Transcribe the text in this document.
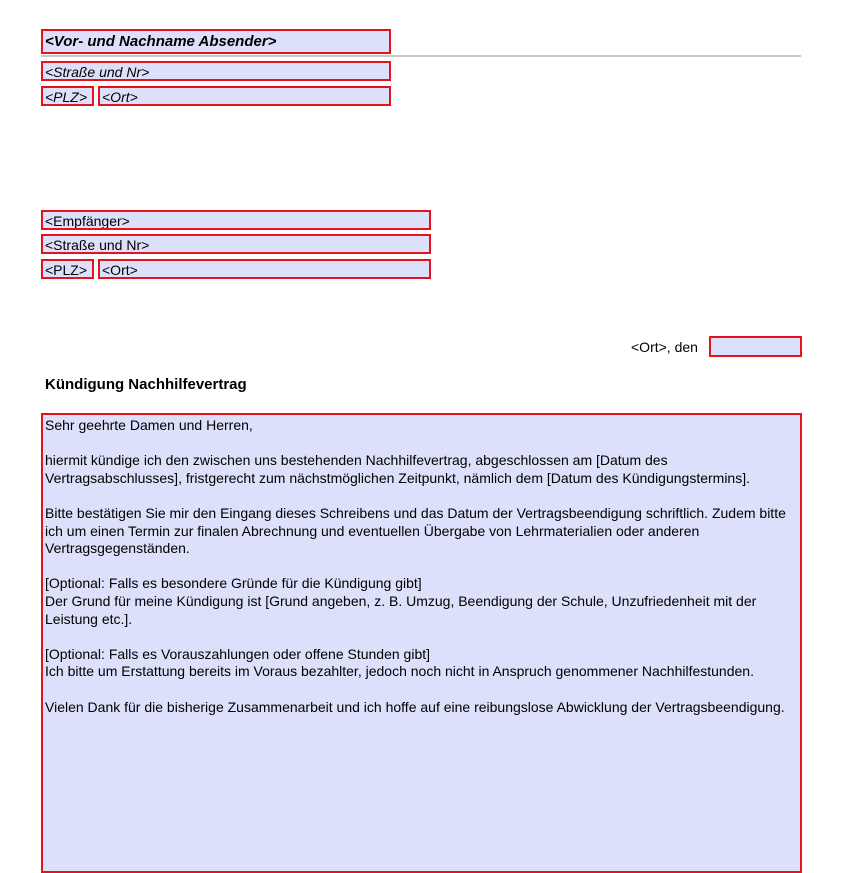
<Vor- und Nachname Absender>
<Straße und Nr>
<PLZ>	<Ort>
<Empfänger>
<Straße und Nr>
<PLZ>	<Ort>
<Ort>, den
Kündigung Nachhilfevertrag

Sehr geehrte Damen und Herren,

hiermit kündige ich den zwischen uns bestehenden Nachhilfevertrag, abgeschlossen am [Datum des Vertragsabschlusses], fristgerecht zum nächstmöglichen Zeitpunkt, nämlich dem [Datum des Kündigungstermins].

Bitte bestätigen Sie mir den Eingang dieses Schreibens und das Datum der Vertragsbeendigung schriftlich. Zudem bitte ich um einen Termin zur finalen Abrechnung und eventuellen Übergabe von Lehrmaterialien oder anderen Vertragsgegenständen.

[Optional: Falls es besondere Gründe für die Kündigung gibt]
Der Grund für meine Kündigung ist [Grund angeben, z. B. Umzug, Beendigung der Schule, Unzufriedenheit mit der Leistung etc.].

[Optional: Falls es Vorauszahlungen oder offene Stunden gibt]
Ich bitte um Erstattung bereits im Voraus bezahlter, jedoch noch nicht in Anspruch genommener Nachhilfestunden.

Vielen Dank für die bisherige Zusammenarbeit und ich hoffe auf eine reibungslose Abwicklung der Vertragsbeendigung.
